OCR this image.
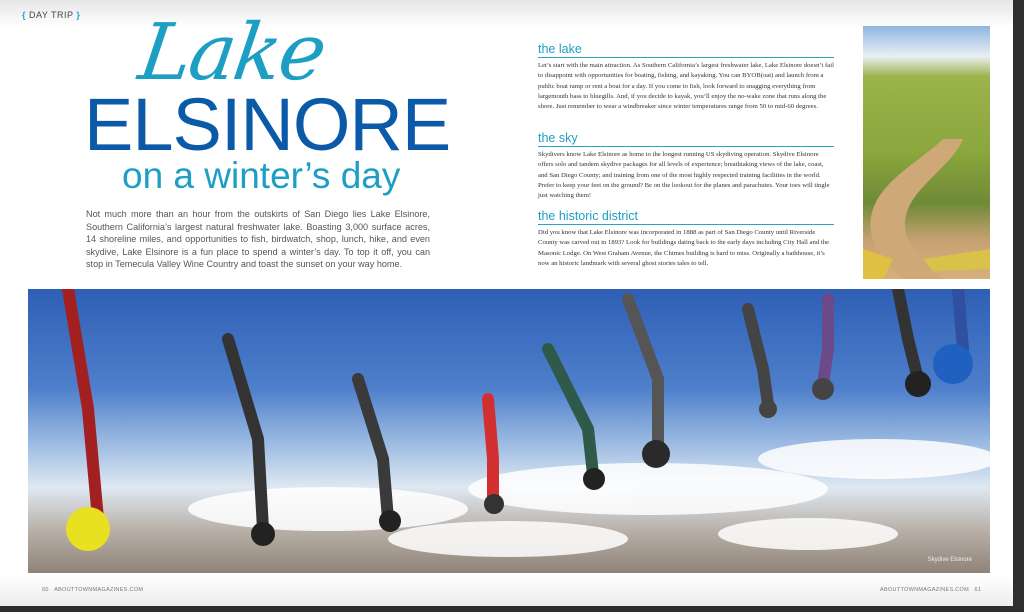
{ DAY TRIP } Lake
ELSINORE
on a winter’s day

Not much more than an hour from the outskirts of San Diego lies Lake Elsinore, Southern California’s largest natural freshwater lake. Boasting 3,000 surface acres, 14 shoreline miles, and opportunities to fish, birdwatch, shop, lunch, hike, and even skydive, Lake Elsinore is a fun place to spend a winter’s day. To top it off, you can stop in Temecula Valley Wine Country and toast the sunset on your way home.

the lake

Let’s start with the main attraction. As Southern California’s largest freshwater lake, Lake Elsinore doesn’t fail to disappoint with opportunities for boating, fishing, and kayaking. You can BYOB(oat) and launch from a public boat ramp or rent a boat for a day. If you come to fish, look forward to snagging everything from largemouth bass to bluegills. And, if you decide to kayak, you’ll enjoy the no-wake zone that runs along the shore. Just remember to wear a windbreaker since winter temperatures range from 50 to mid-60 degrees.

the sky

Skydivers know Lake Elsinore as home to the longest running US skydiving operation. Skydive Elsinore offers solo and tandem skydive packages for all levels of experience; breathtaking views of the lake, coast, and San Diego County; and training from one of the most highly respected training facilities in the world. Prefer to keep your feet on the ground? Be on the lookout for the planes and parachutes. Your toes will tingle just watching them!

the historic district

Did you know that Lake Elsinore was incorporated in 1888 as part of San Diego County until Riverside County was carved out in 1893? Look for buildings dating back to the early days including City Hall and the Masonic Lodge. On West Graham Avenue, the Chimes building is hard to miss. Originally a bathhouse, it’s now an historic landmark with several ghost stories tales to tell.

Skydive Elsinore
60 ABOUTTOWNMAGAZINES.COM	ABOUTTOWNMAGAZINES.COM 61
